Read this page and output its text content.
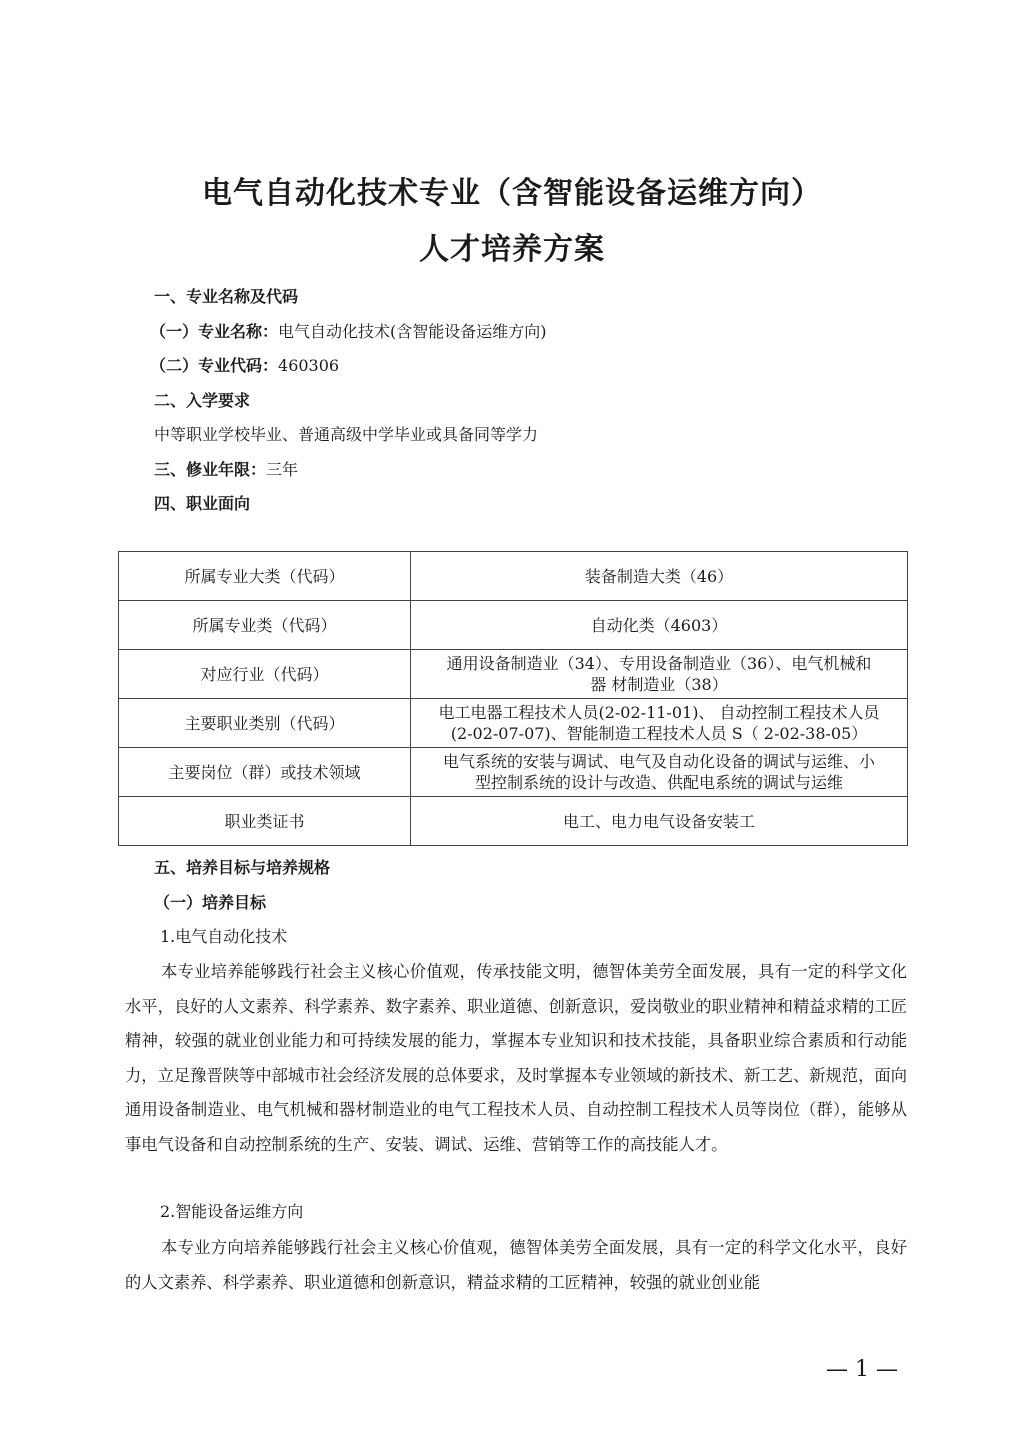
电气自动化技术专业（含智能设备运维方向）
人才培养方案
一、专业名称及代码
（一）专业名称：电气自动化技术(含智能设备运维方向)
（二）专业代码：460306
二、入学要求
中等职业学校毕业、普通高级中学毕业或具备同等学力
三、修业年限：三年
四、职业面向
所属专业大类（代码）	装备制造大类（46）
所属专业类（代码）	自动化类（4603）
对应行业（代码）	通用设备制造业（34）、专用设备制造业（36）、电气机械和
器 材制造业（38）

主要职业类别（代码）	电工电器工程技术人员(2-02-11-01)、 自动控制工程技术人员
(2-02-07-07)、智能制造工程技术人员 S（ 2-02-38-05）

主要岗位（群）或技术领域	电气系统的安装与调试、电气及自动化设备的调试与运维、小
型控制系统的设计与改造、供配电系统的调试与运维

职业类证书	电工、电力电气设备安装工
五、培养目标与培养规格
（一）培养目标
1.电气自动化技术
本专业培养能够践行社会主义核心价值观，传承技能文明，德智体美劳全面发展，具有一定的科学文化水平，良好的人文素养、科学素养、数字素养、职业道德、创新意识，爱岗敬业的职业精神和精益求精的工匠精神，较强的就业创业能力和可持续发展的能力，掌握本专业知识和技术技能，具备职业综合素质和行动能力，立足豫晋陕等中部城市社会经济发展的总体要求，及时掌握本专业领域的新技术、新工艺、新规范，面向通用设备制造业、电气机械和器材制造业的电气工程技术人员、自动控制工程技术人员等岗位（群），能够从事电气设备和自动控制系统的生产、安装、调试、运维、营销等工作的高技能人才。
2.智能设备运维方向
本专业方向培养能够践行社会主义核心价值观，德智体美劳全面发展，具有一定的科学文化水平，良好的人文素养、科学素养、职业道德和创新意识，精益求精的工匠精神，较强的就业创业能
— 1 —
